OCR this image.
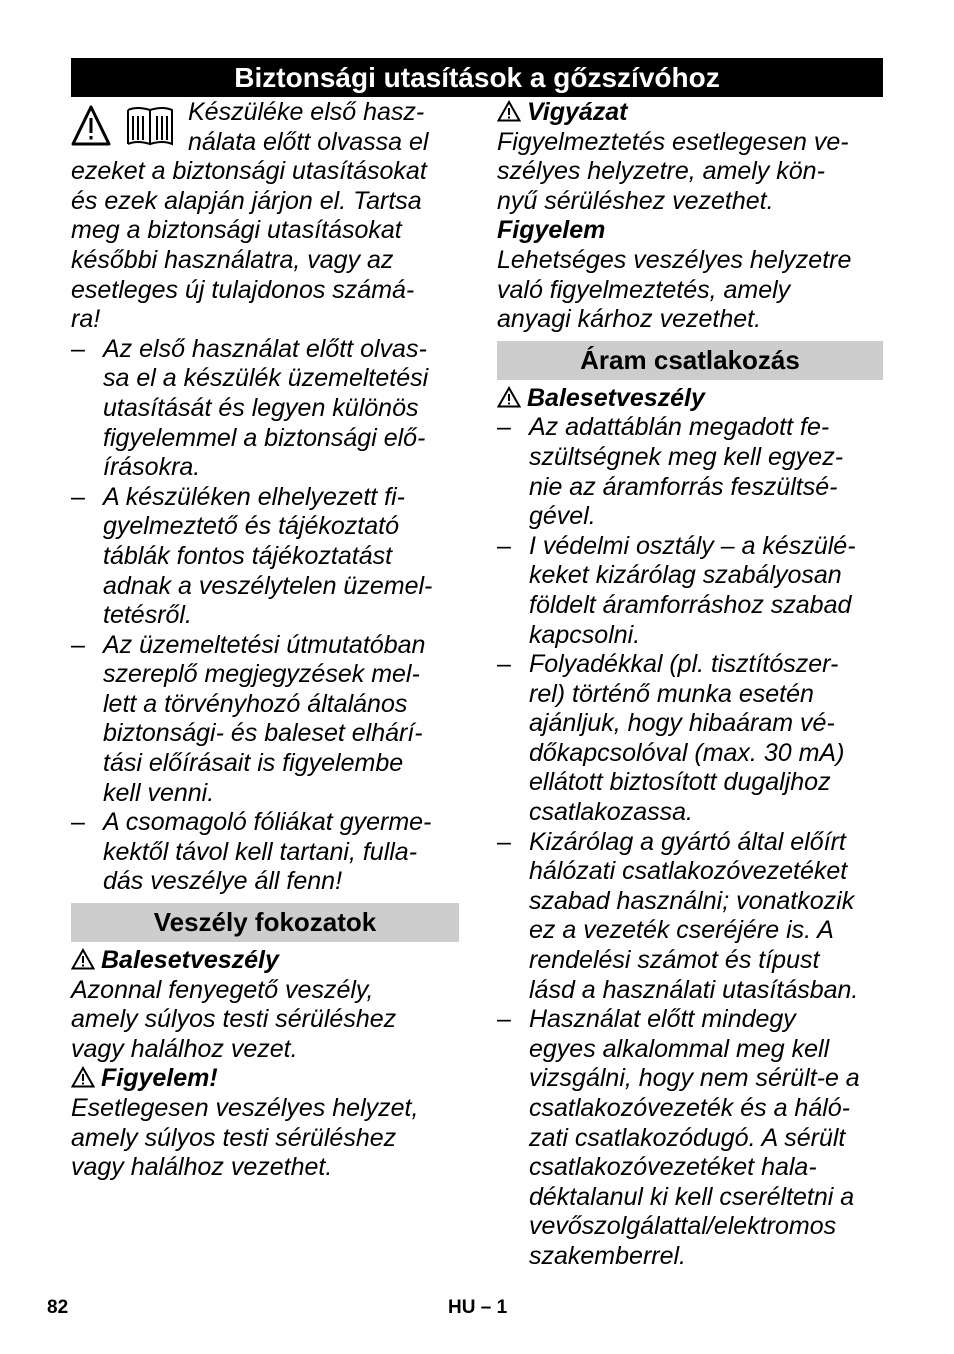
Biztonsági utasítások a gőzszívóhoz
Készüléke első hasz-
nálata előtt olvassa el
ezeket a biztonsági utasításokat
és ezek alapján járjon el. Tartsa
meg a biztonsági utasításokat
későbbi használatra, vagy az
esetleges új tulajdonos számá-
ra!
– Az első használat előtt olvas-
sa el a készülék üzemeltetési
utasítását és legyen különös
figyelemmel a biztonsági elő-
írásokra.
– A készüléken elhelyezett fi-
gyelmeztető és tájékoztató
táblák fontos tájékoztatást
adnak a veszélytelen üzemel-
tetésről.
– Az üzemeltetési útmutatóban
szereplő megjegyzések mel-
lett a törvényhozó általános
biztonsági- és baleset elhárí-
tási előírásait is figyelembe
kell venni.
– A csomagoló fóliákat gyerme-
kektől távol kell tartani, fulla-
dás veszélye áll fenn!
Veszély fokozatok
Balesetveszély
Azonnal fenyegető veszély,
amely súlyos testi sérüléshez
vagy halálhoz vezet.
Figyelem!
Esetlegesen veszélyes helyzet,
amely súlyos testi sérüléshez
vagy halálhoz vezethet.
Vigyázat
Figyelmeztetés esetlegesen ve-
szélyes helyzetre, amely kön-
nyű sérüléshez vezethet.
Figyelem
Lehetséges veszélyes helyzetre
való figyelmeztetés, amely
anyagi kárhoz vezethet.
Áram csatlakozás
Balesetveszély
– Az adattáblán megadott fe-
szültségnek meg kell egyez-
nie az áramforrás feszültsé-
gével.
– I védelmi osztály – a készülé-
keket kizárólag szabályosan
földelt áramforráshoz szabad
kapcsolni.
– Folyadékkal (pl. tisztítószer-
rel) történő munka esetén
ajánljuk, hogy hibaáram vé-
dőkapcsolóval (max. 30 mA)
ellátott biztosított dugaljhoz
csatlakozassa.
– Kizárólag a gyártó által előírt
hálózati csatlakozóvezetéket
szabad használni; vonatkozik
ez a vezeték cseréjére is. A
rendelési számot és típust
lásd a használati utasításban.
– Használat előtt mindegy
egyes alkalommal meg kell
vizsgálni, hogy nem sérült-e a
csatlakozóvezeték és a háló-
zati csatlakozódugó. A sérült
csatlakozóvezetéket hala-
déktalanul ki kell cseréltetni a
vevőszolgálattal/elektromos
szakemberrel.
82	HU – 1
